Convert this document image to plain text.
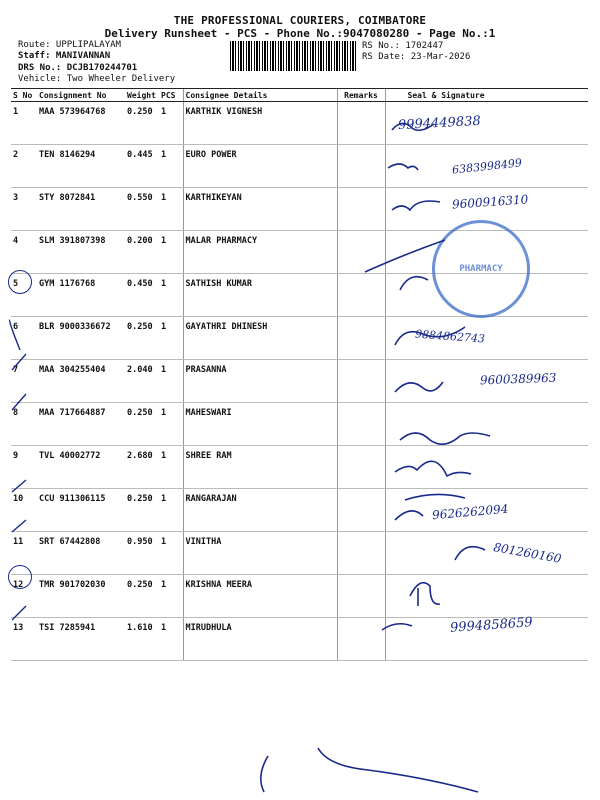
THE PROFESSIONAL COURIERS, COIMBATORE
Delivery Runsheet - PCS - Phone No.:9047080280 - Page No.:1
Route: UPPLIPALAYAM
Staff: MANIVANNAN
DRS No.: DCJB170244701
Vehicle: Two Wheeler Delivery
RS No.: 1702447
RS Date: 23-Mar-2026
S No	Consignment No	Weight	PCS	Consignee Details	Remarks	Seal & Signature
1	MAA 573964768	0.250	1	KARTHIK VIGNESH		
2	TEN 8146294	0.445	1	EURO POWER		
3	STY 8072841	0.550	1	KARTHIKEYAN		
4	SLM 391807398	0.200	1	MALAR PHARMACY		
5	GYM 1176768	0.450	1	SATHISH KUMAR		
6	BLR 9000336672	0.250	1	GAYATHRI DHINESH		
7	MAA 304255404	2.040	1	PRASANNA		
8	MAA 717664887	0.250	1	MAHESWARI		
9	TVL 40002772	2.680	1	SHREE RAM		
10	CCU 911306115	0.250	1	RANGARAJAN		
11	SRT 67442808	0.950	1	VINITHA		
12	TMR 901702030	0.250	1	KRISHNA MEERA		
13	TSI 7285941	1.610	1	MIRUDHULA		
9994449838
6383998499
9600916310
PHARMACY
9884862743
9600389963
9626262094
801260160
9994858659
